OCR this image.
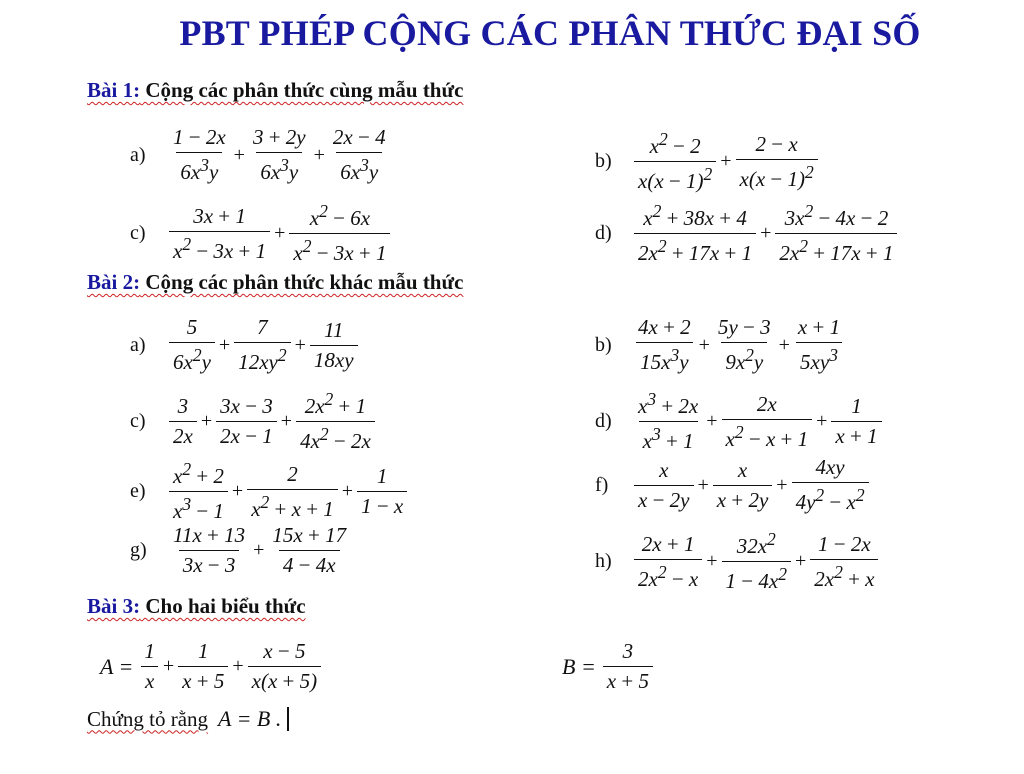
PBT PHÉP CỘNG CÁC PHÂN THỨC ĐẠI SỐ
Bài 1: Cộng các phân thức cùng mẫu thức
Bài 2: Cộng các phân thức khác mẫu thức
Bài 3: Cho hai biểu thức
a)	$\frac{1 - 2x}{6x^3y} + \frac{3 + 2y}{6x^3y} + \frac{2x - 4}{6x^3y}$	b)	$\frac{x^2 - 2}{x(x - 1)^2} + \frac{2 - x}{x(x - 1)^2}$
c)	$\frac{3x + 1}{x^2 - 3x + 1} + \frac{x^2 - 6x}{x^2 - 3x + 1}$	d)	$\frac{x^2 + 38x + 4}{2x^2 + 17x + 1} + \frac{3x^2 - 4x - 2}{2x^2 + 17x + 1}$
a)	$\frac{5}{6x^2y} + \frac{7}{12xy^2} + \frac{11}{18xy}$	b)	$\frac{4x + 2}{15x^3y} + \frac{5y - 3}{9x^2y} + \frac{x + 1}{5xy^3}$
c)	$\frac{3}{2x} + \frac{3x - 3}{2x - 1} + \frac{2x^2 + 1}{4x^2 - 2x}$	d)	$\frac{x^3 + 2x}{x^3 + 1} + \frac{2x}{x^2 - x + 1} + \frac{1}{x + 1}$
e)	$\frac{x^2 + 2}{x^3 - 1} + \frac{2}{x^2 + x + 1} + \frac{1}{1 - x}$	f)	$\frac{x}{x - 2y} + \frac{x}{x + 2y} + \frac{4xy}{4y^2 - x^2}$
g)	$\frac{11x + 13}{3x - 3} + \frac{15x + 17}{4 - 4x}$	h)	$\frac{2x + 1}{2x^2 - x} + \frac{32x^2}{1 - 4x^2} + \frac{1 - 2x}{2x^2 + x}$
$A = \frac{1}{x} + \frac{1}{x + 5} + \frac{x - 5}{x(x + 5)}$	$B = \frac{3}{x + 5}$
Chứng tỏ rằng A = B .
